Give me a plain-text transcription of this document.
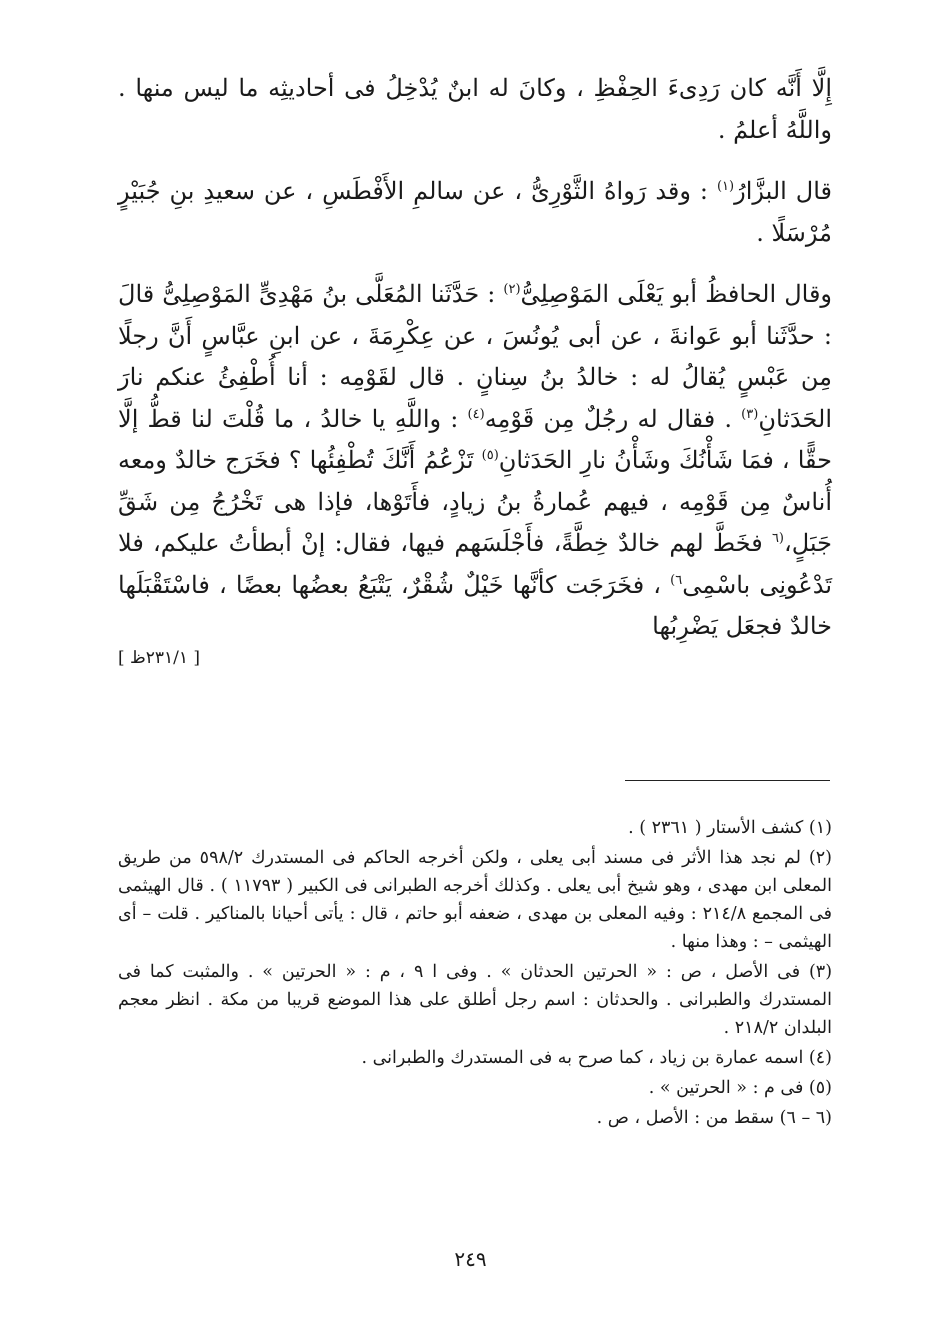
إِلَّا أَنَّه كان رَدِىءَ الحِفْظِ ، وكانَ له ابنٌ يُدْخِلُ فى أحاديثِه ما ليس منها . واللَّهُ أعلمُ .

قال البزَّارُ$^{(١)}$ : وقد رَواهُ الثَّوْرِىُّ ، عن سالمِ الأَفْطَسِ ، عن سعيدِ بنِ جُبَيْرٍ مُرْسَلًا .

وقال الحافظُ أبو يَعْلَى المَوْصِلِىُّ$^{(٢)}$ : حَدَّثَنا المُعَلَّى بنُ مَهْدِىٍّ المَوْصِلِىُّ قالَ : حدَّثَنا أبو عَوانةَ ، عن أبى يُونُسَ ، عن عِكْرِمَةَ ، عن ابنِ عبَّاسٍ أَنَّ رجلًا مِن عَبْسٍ يُقالُ له : خالدُ بنُ سِنانٍ . قال لقَوْمِه : أنا أُطْفِئُ عنكم نارَ الحَدَثانِ$^{(٣)}$ . فقال له رجُلٌ مِن قَوْمِه$^{(٤)}$ : واللَّهِ يا خالدُ ، ما قُلْتَ لنا قطُّ إلَّا حقًّا ، فمَا شَأْنُكَ وشَأْنُ نارِ الحَدَثانِ$^{(٥)}$ تَزْعُمُ أَنَّكَ تُطْفِئُها ؟ فخَرَج خالدٌ ومعه أُناسٌ مِن قَوْمِه ، فيهم عُمارةُ بنُ زيادٍ، فأَتَوْها، فإذا هى تَخْرُجُ مِن شَقِّ جَبَلٍ،$^{(٦}$ فخَطَّ لهم خالدٌ خِطَّةً، فأَجْلَسَهم فيها، فقال: إنْ أبطأتُ عليكم، فلا تَدْعُونِى باسْمِى$^{٦)}$ ، فخَرَجَت كأنَّها خَيْلٌ شُقْرٌ، يَتْبَعُ بعضُها بعضًا ، فاسْتَقْبَلَها خالدٌ فجعَل يَضْرِبُها

[ ٢٣١/١ظ ]

(١) كشف الأستار ( ٢٣٦١ ) .

(٢) لم نجد هذا الأثر فى مسند أبى يعلى ، ولكن أخرجه الحاكم فى المستدرك ٥٩٨/٢ من طريق المعلى ابن مهدى ، وهو شيخ أبى يعلى . وكذلك أخرجه الطبرانى فى الكبير ( ١١٧٩٣ ) . قال الهيثمى فى المجمع ٢١٤/٨ : وفيه المعلى بن مهدى ، ضعفه أبو حاتم ، قال : يأتى أحيانا بالمناكير . قلت – أى الهيثمى – : وهذا منها .

(٣) فى الأصل ، ص : « الحرتين الحدثان » . وفى ا ٩ ، م : « الحرتين » . والمثبت كما فى المستدرك والطبرانى . والحدثان : اسم رجل أطلق على هذا الموضع قريبا من مكة . انظر معجم البلدان ٢١٨/٢ .

(٤) اسمه عمارة بن زياد ، كما صرح به فى المستدرك والطبرانى .

(٥) فى م : « الحرتين » .

(٦ – ٦) سقط من : الأصل ، ص .

٢٤٩
